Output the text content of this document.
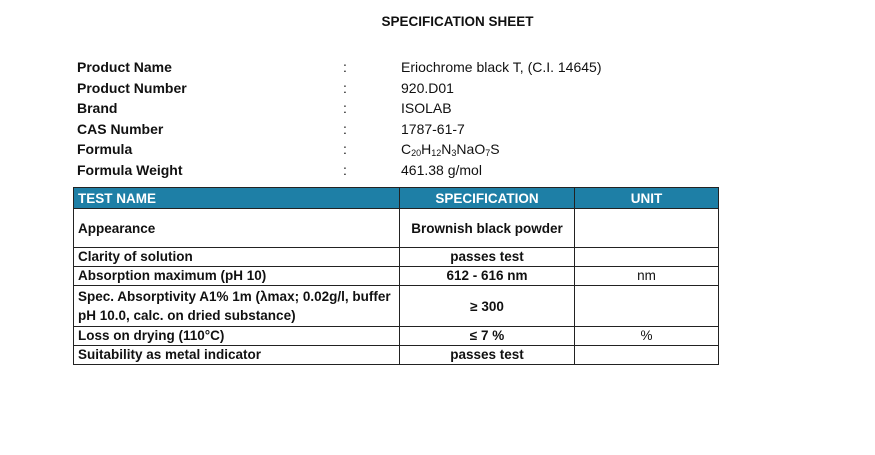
SPECIFICATION SHEET
Product Name	:	Eriochrome black T, (C.I. 14645)
Product Number	:	920.D01
Brand	:	ISOLAB
CAS Number	:	1787-61-7
Formula	:	$C_{20}H_{12}N_3NaO_7S$
Formula Weight	:	461.38 g/mol
TEST NAME	SPECIFICATION	UNIT
Appearance	Brownish black powder	
Clarity of solution	passes test	
Absorption maximum (pH 10)	612 - 616 nm	nm
Spec. Absorptivity A1% 1m (λmax; 0.02g/l, buffer pH 10.0, calc. on dried substance)	≥ 300	
Loss on drying (110°C)	≤ 7 %	%
Suitability as metal indicator	passes test	
